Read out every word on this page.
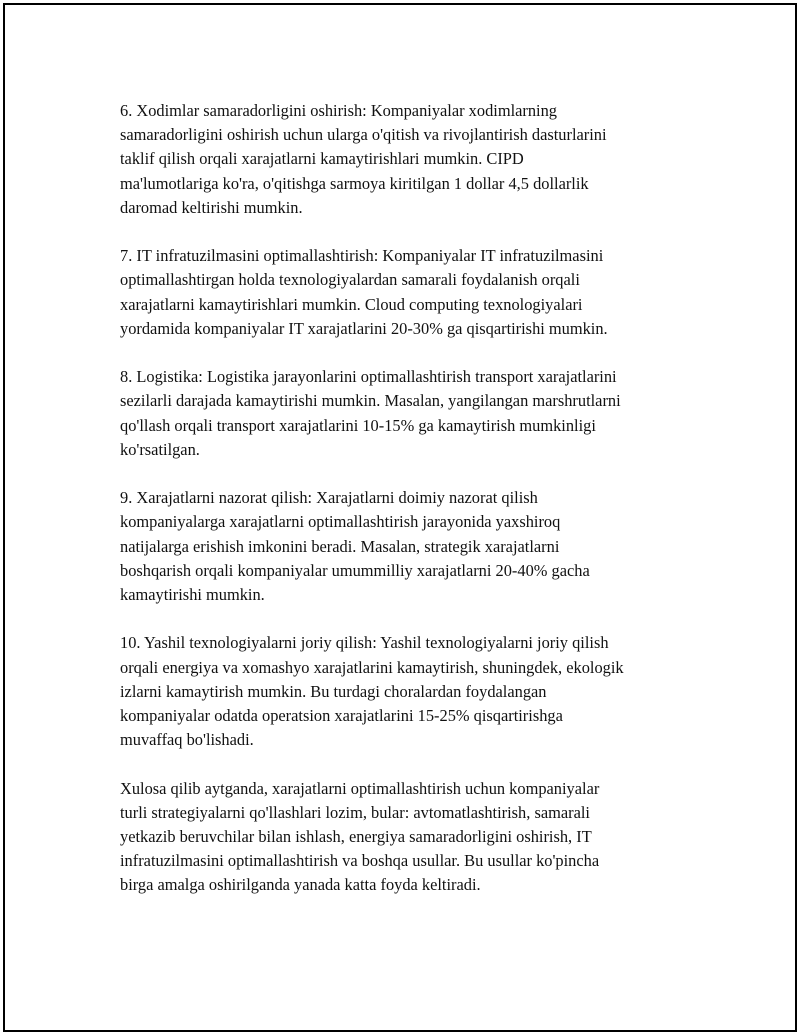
6. Xodimlar samaradorligini oshirish: Kompaniyalar xodimlarning
samaradorligini oshirish uchun ularga o'qitish va rivojlantirish dasturlarini
taklif qilish orqali xarajatlarni kamaytirishlari mumkin. CIPD
ma'lumotlariga ko'ra, o'qitishga sarmoya kiritilgan 1 dollar 4,5 dollarlik
daromad keltirishi mumkin.

7. IT infratuzilmasini optimallashtirish: Kompaniyalar IT infratuzilmasini
optimallashtirgan holda texnologiyalardan samarali foydalanish orqali
xarajatlarni kamaytirishlari mumkin. Cloud computing texnologiyalari
yordamida kompaniyalar IT xarajatlarini 20-30% ga qisqartirishi mumkin.

8. Logistika: Logistika jarayonlarini optimallashtirish transport xarajatlarini
sezilarli darajada kamaytirishi mumkin. Masalan, yangilangan marshrutlarni
qo'llash orqali transport xarajatlarini 10-15% ga kamaytirish mumkinligi
ko'rsatilgan.

9. Xarajatlarni nazorat qilish: Xarajatlarni doimiy nazorat qilish
kompaniyalarga xarajatlarni optimallashtirish jarayonida yaxshiroq
natijalarga erishish imkonini beradi. Masalan, strategik xarajatlarni
boshqarish orqali kompaniyalar umummilliy xarajatlarni 20-40% gacha
kamaytirishi mumkin.

10. Yashil texnologiyalarni joriy qilish: Yashil texnologiyalarni joriy qilish
orqali energiya va xomashyo xarajatlarini kamaytirish, shuningdek, ekologik
izlarni kamaytirish mumkin. Bu turdagi choralardan foydalangan
kompaniyalar odatda operatsion xarajatlarini 15-25% qisqartirishga
muvaffaq bo'lishadi.

Xulosa qilib aytganda, xarajatlarni optimallashtirish uchun kompaniyalar
turli strategiyalarni qo'llashlari lozim, bular: avtomatlashtirish, samarali
yetkazib beruvchilar bilan ishlash, energiya samaradorligini oshirish, IT
infratuzilmasini optimallashtirish va boshqa usullar. Bu usullar ko'pincha
birga amalga oshirilganda yanada katta foyda keltiradi.
